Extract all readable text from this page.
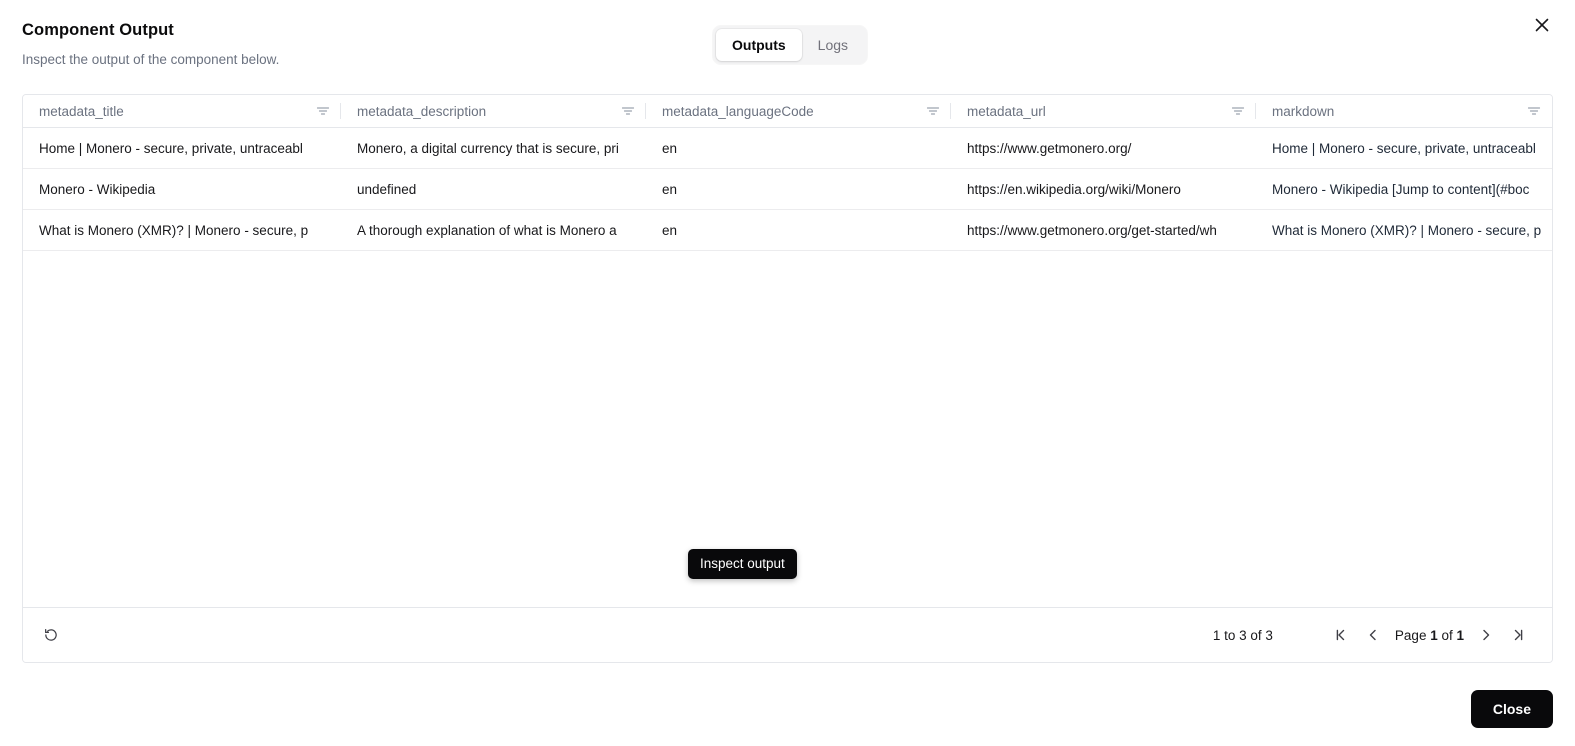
Component Output
Inspect the output of the component below.
Outputs	Logs
metadata_title	metadata_description	metadata_languageCode	metadata_url	markdown
Home | Monero - secure, private, untraceabl	Monero, a digital currency that is secure, pri	en	https://www.getmonero.org/	Home | Monero - secure, private, untraceabl
Monero - Wikipedia	undefined	en	https://en.wikipedia.org/wiki/Monero	Monero - Wikipedia [Jump to content](#boc
What is Monero (XMR)? | Monero - secure, p	A thorough explanation of what is Monero a	en	https://www.getmonero.org/get-started/wh	What is Monero (XMR)? | Monero - secure, p
1 to 3 of 3	Page 1 of 1
Inspect output
Close
